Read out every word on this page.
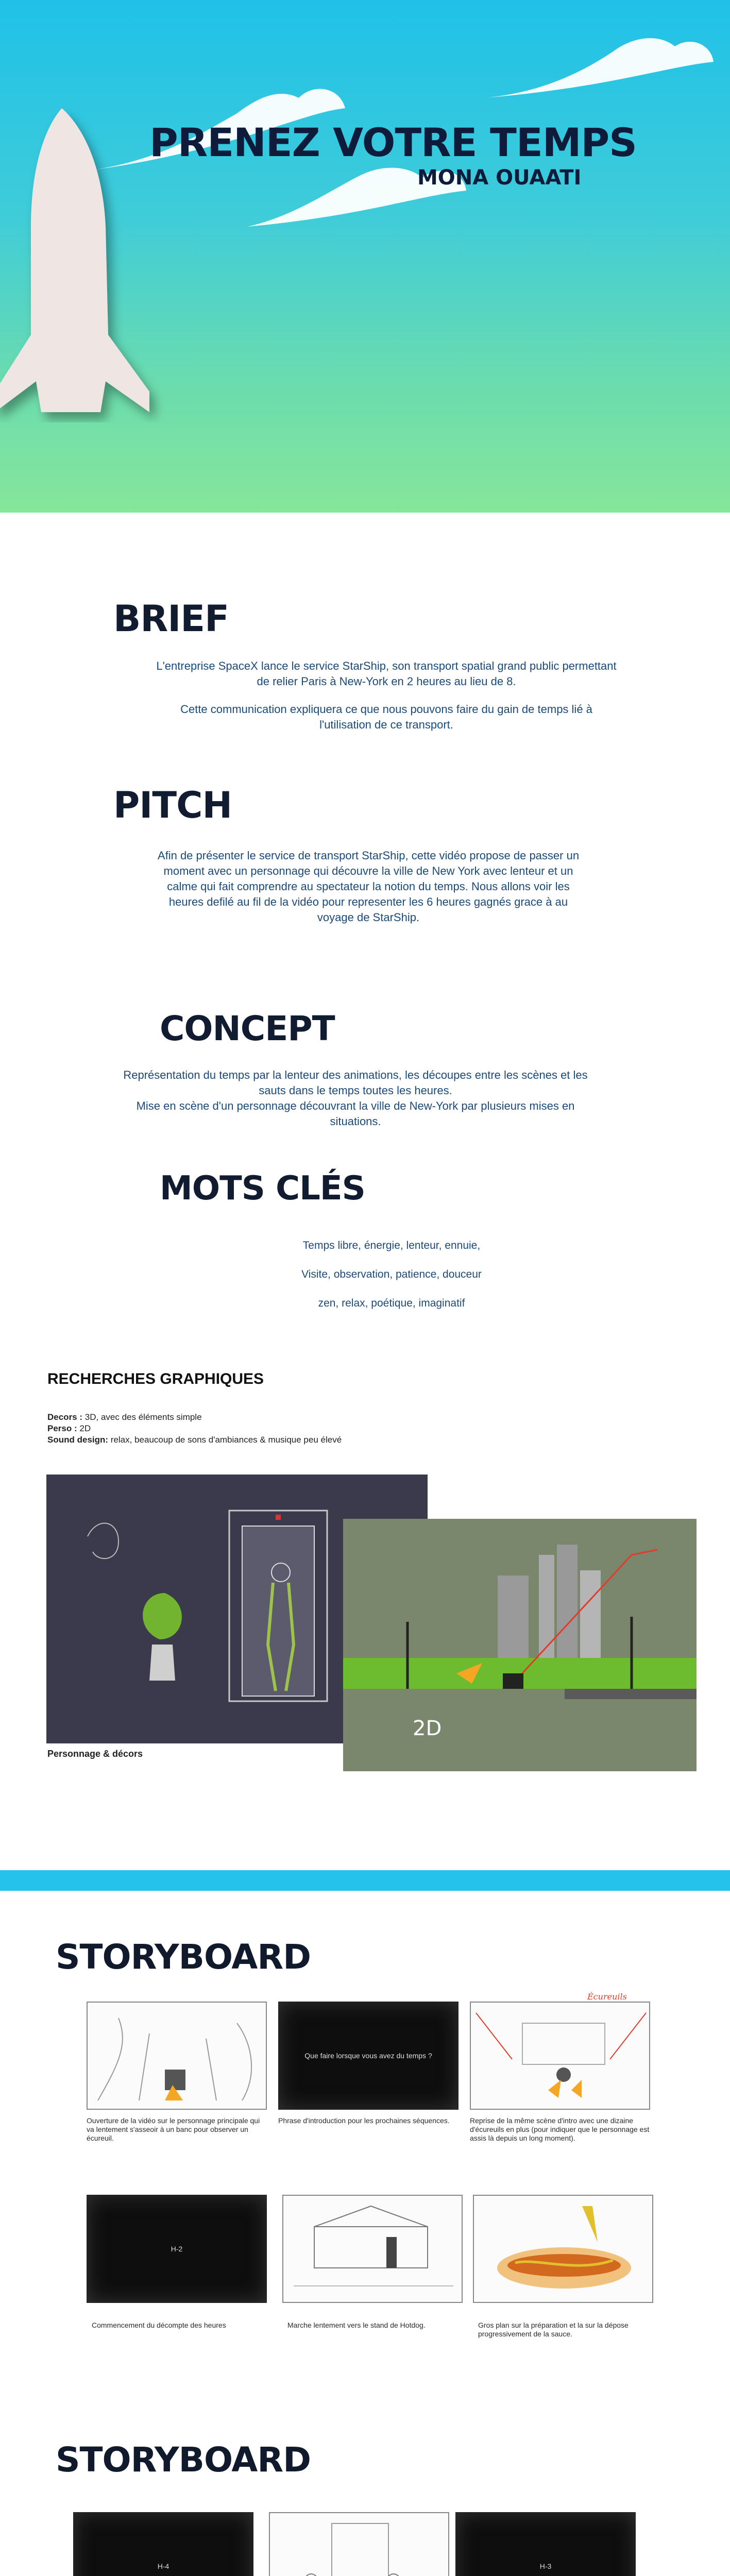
PRENEZ VOTRE TEMPS
MONA OUAATI
BRIEF

L'entreprise SpaceX lance le service StarShip, son transport spatial grand public permettant de relier Paris à New-York en 2 heures au lieu de 8.

Cette communication expliquera ce que nous pouvons faire du gain de temps lié à l'utilisation de ce transport.

PITCH

Afin de présenter le service de transport StarShip, cette vidéo propose de passer un moment avec un personnage qui découvre la ville de New York avec lenteur et un calme qui fait comprendre au spectateur la notion du temps. Nous allons voir les heures defilé au fil de la vidéo pour representer les 6 heures gagnés grace à au voyage de StarShip.

CONCEPT

Représentation du temps par la lenteur des animations, les découpes entre les scènes et les sauts dans le temps toutes les heures.

Mise en scène d'un personnage découvrant la ville de New-York par plusieurs mises en situations.

MOTS CLÉS
Temps libre, énergie, lenteur, ennuie,
Visite, observation, patience, douceur
zen, relax, poétique, imaginatif
RECHERCHES GRAPHIQUES
Decors : 3D, avec des éléments simple
Perso : 2D
Sound design: relax, beaucoup de sons d'ambiances & musique peu élevé
2D
Personnage & décors
STORYBOARD
Ouverture de la vidéo sur le personnage principale qui va lentement s'asseoir à un banc pour observer un écureuil.
Que faire lorsque vous avez du temps ?
Phrase d'introduction pour les prochaines séquences.
Écureuils
Reprise de la même scène d'intro avec une dizaine d'écureuils en plus (pour indiquer que le personnage est assis là depuis un long moment).
H-2
Commencement du décompte des heures	Marche lentement vers le stand de Hotdog.	Gros plan sur la préparation et la sur la dépose progressivement de la sauce.
STORYBOARD
H-4	H-3
